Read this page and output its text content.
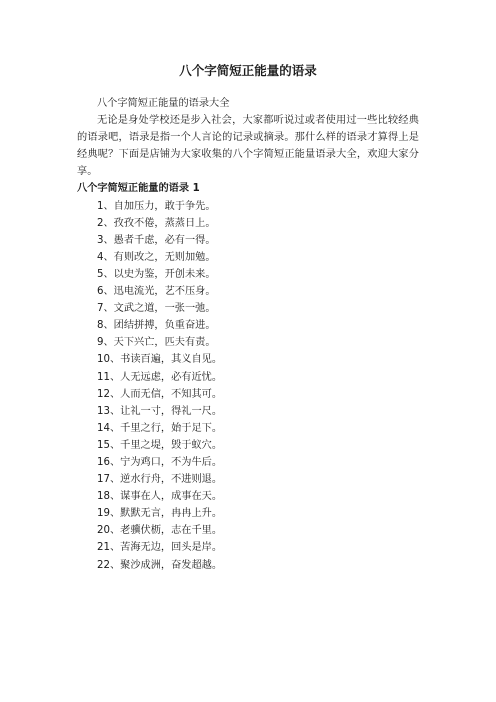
八个字简短正能量的语录

八个字简短正能量的语录大全

无论是身处学校还是步入社会，大家都听说过或者使用过一些比较经典的语录吧，语录是指一个人言论的记录或摘录。那什么样的语录才算得上是经典呢？下面是店铺为大家收集的八个字简短正能量语录大全，欢迎大家分享。

八个字简短正能量的语录 1

1、自加压力，敢于争先。
2、孜孜不倦，蒸蒸日上。
3、愚者千虑，必有一得。
4、有则改之，无则加勉。
5、以史为鉴，开创未来。
6、迅电流光，艺不压身。
7、文武之道，一张一弛。
8、团结拼搏，负重奋进。
9、天下兴亡，匹夫有责。
10、书读百遍，其义自见。
11、人无远虑，必有近忧。
12、人而无信，不知其可。
13、让礼一寸，得礼一尺。
14、千里之行，始于足下。
15、千里之堤，毁于蚁穴。
16、宁为鸡口，不为牛后。
17、逆水行舟，不进则退。
18、谋事在人，成事在天。
19、默默无言，冉冉上升。
20、老骥伏枥，志在千里。
21、苦海无边，回头是岸。
22、聚沙成洲，奋发超越。
